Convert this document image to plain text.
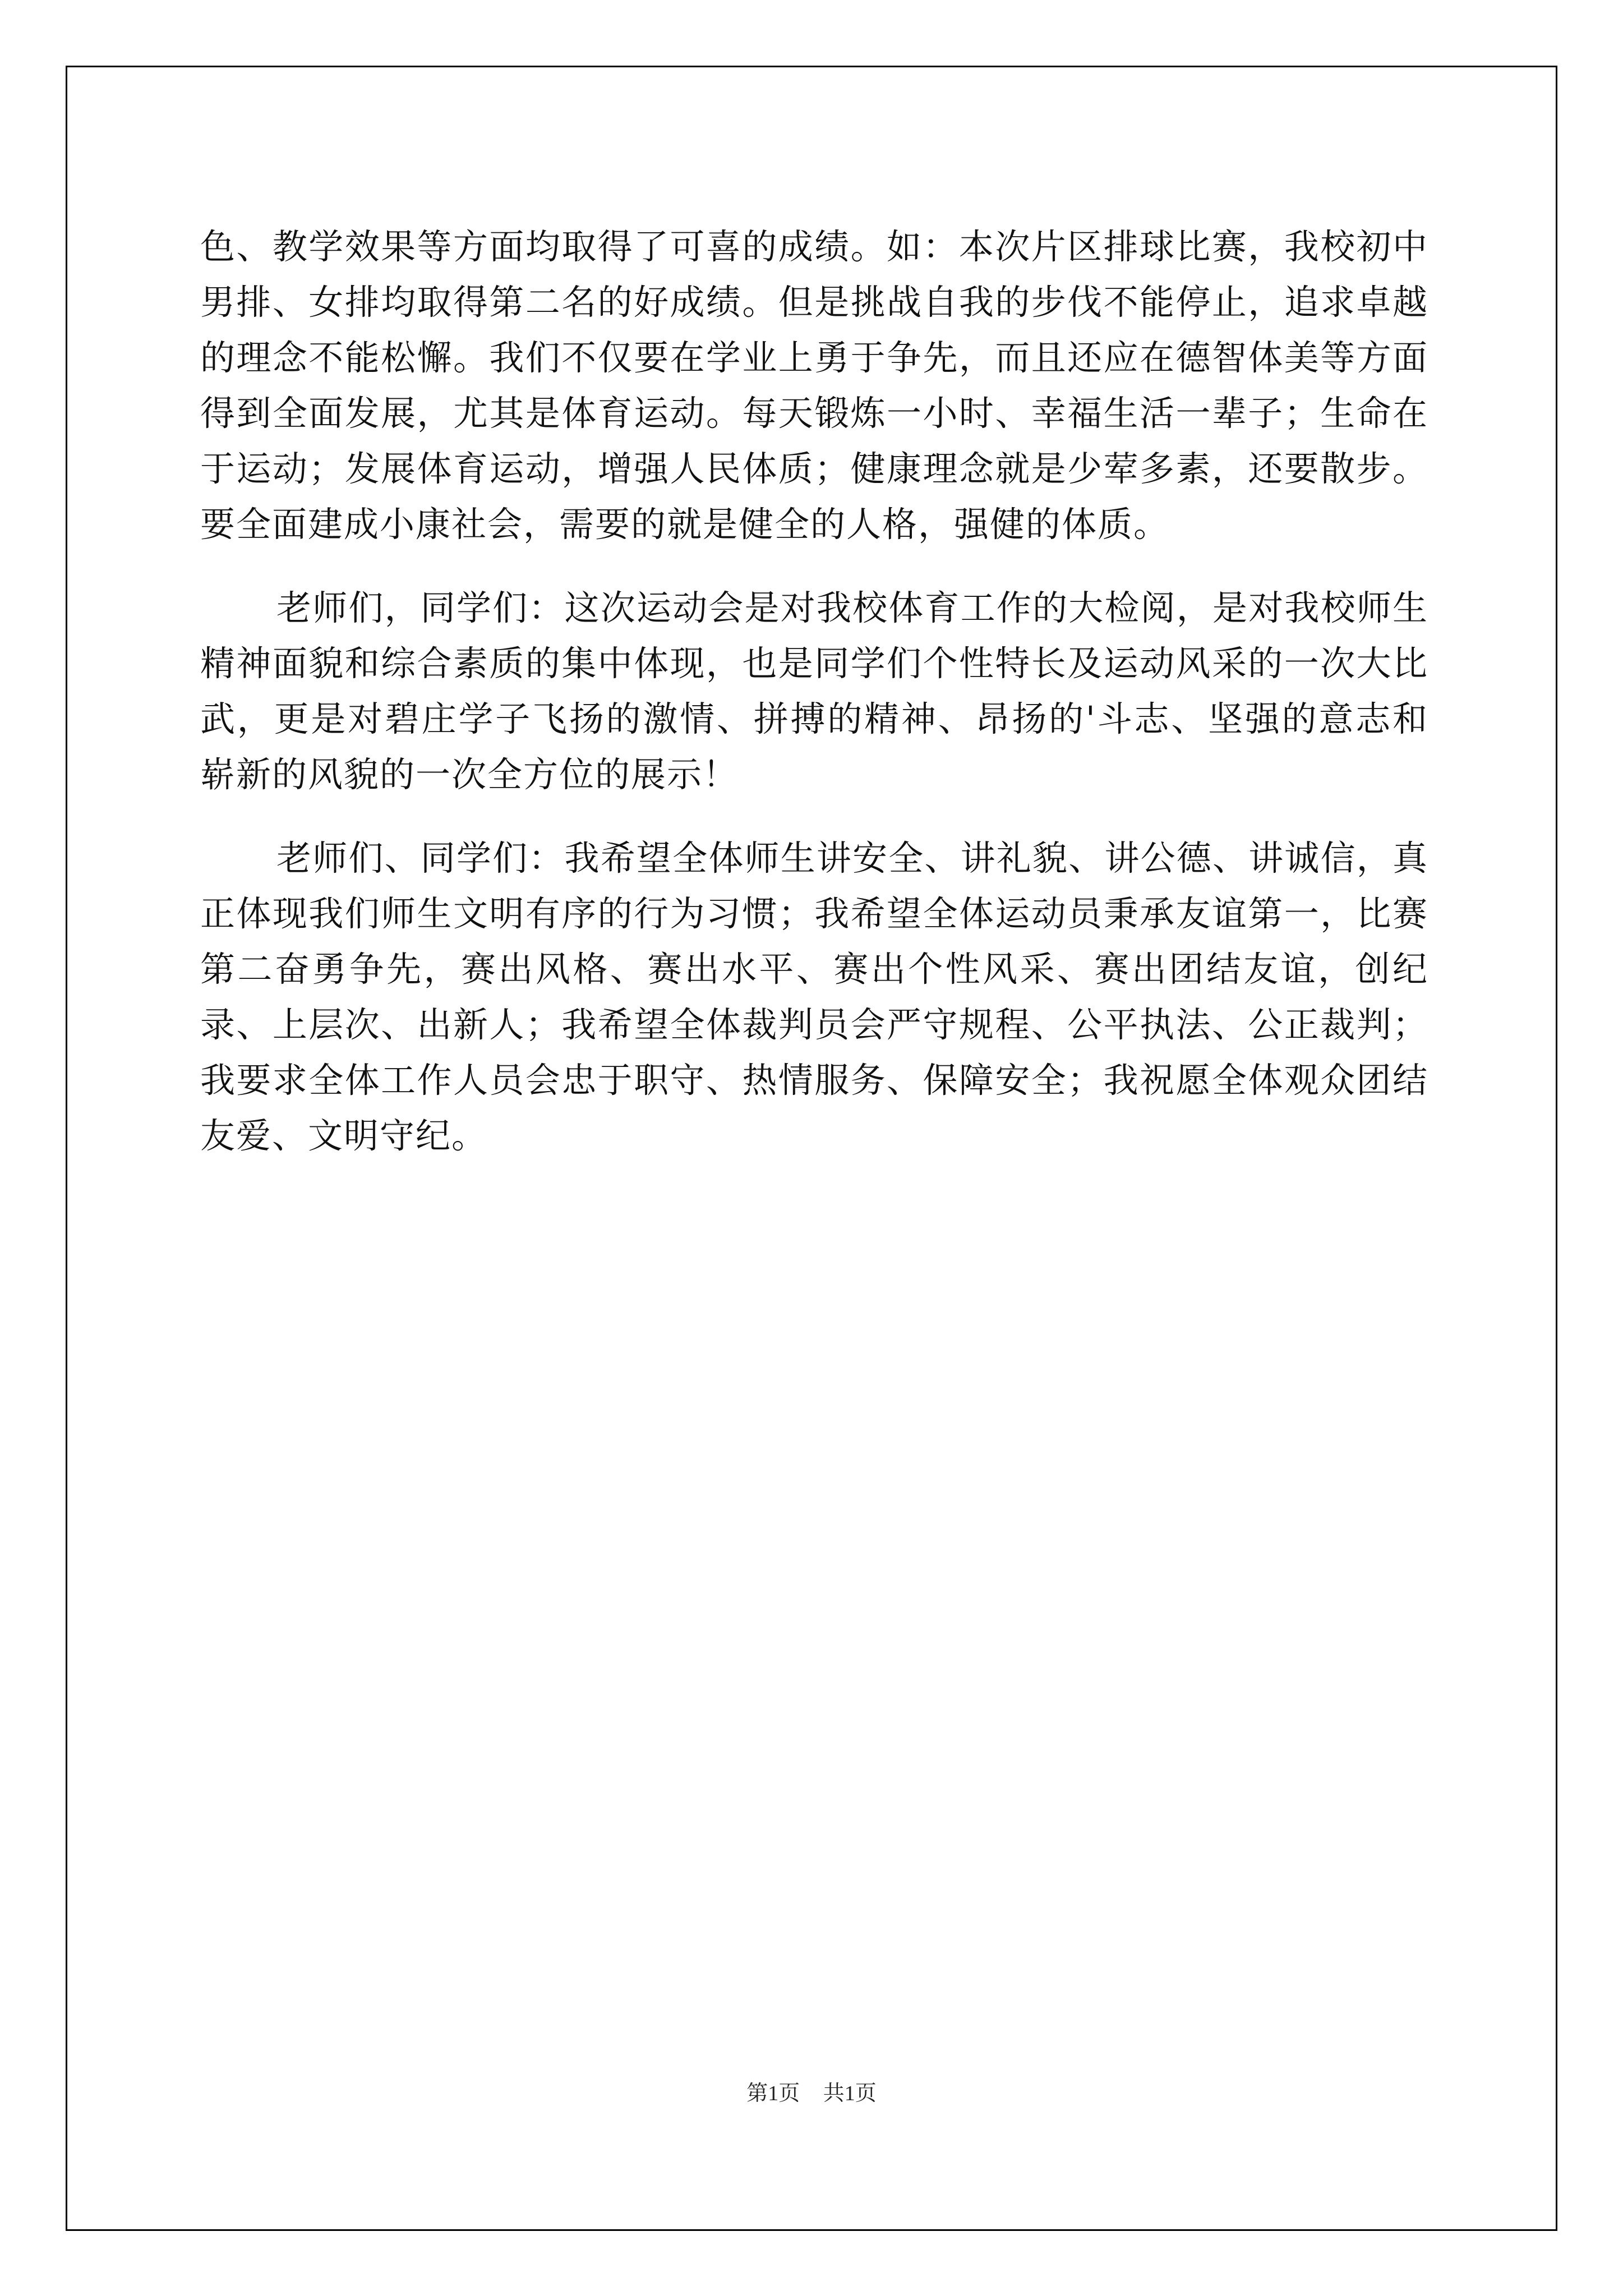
色、教学效果等方面均取得了可喜的成绩。如：本次片区排球比赛，我校初中男排、女排均取得第二名的好成绩。但是挑战自我的步伐不能停止，追求卓越的理念不能松懈。我们不仅要在学业上勇于争先，而且还应在德智体美等方面得到全面发展，尤其是体育运动。每天锻炼一小时、幸福生活一辈子；生命在于运动；发展体育运动，增强人民体质；健康理念就是少荤多素，还要散步。要全面建成小康社会，需要的就是健全的人格，强健的体质。

老师们，同学们：这次运动会是对我校体育工作的大检阅，是对我校师生精神面貌和综合素质的集中体现，也是同学们个性特长及运动风采的一次大比武，更是对碧庄学子飞扬的激情、拼搏的精神、昂扬的'斗志、坚强的意志和崭新的风貌的一次全方位的展示！

老师们、同学们：我希望全体师生讲安全、讲礼貌、讲公德、讲诚信，真正体现我们师生文明有序的行为习惯；我希望全体运动员秉承友谊第一，比赛第二奋勇争先，赛出风格、赛出水平、赛出个性风采、赛出团结友谊，创纪录、上层次、出新人；我希望全体裁判员会严守规程、公平执法、公正裁判；我要求全体工作人员会忠于职守、热情服务、保障安全；我祝愿全体观众团结友爱、文明守纪。

第1页 共1页
